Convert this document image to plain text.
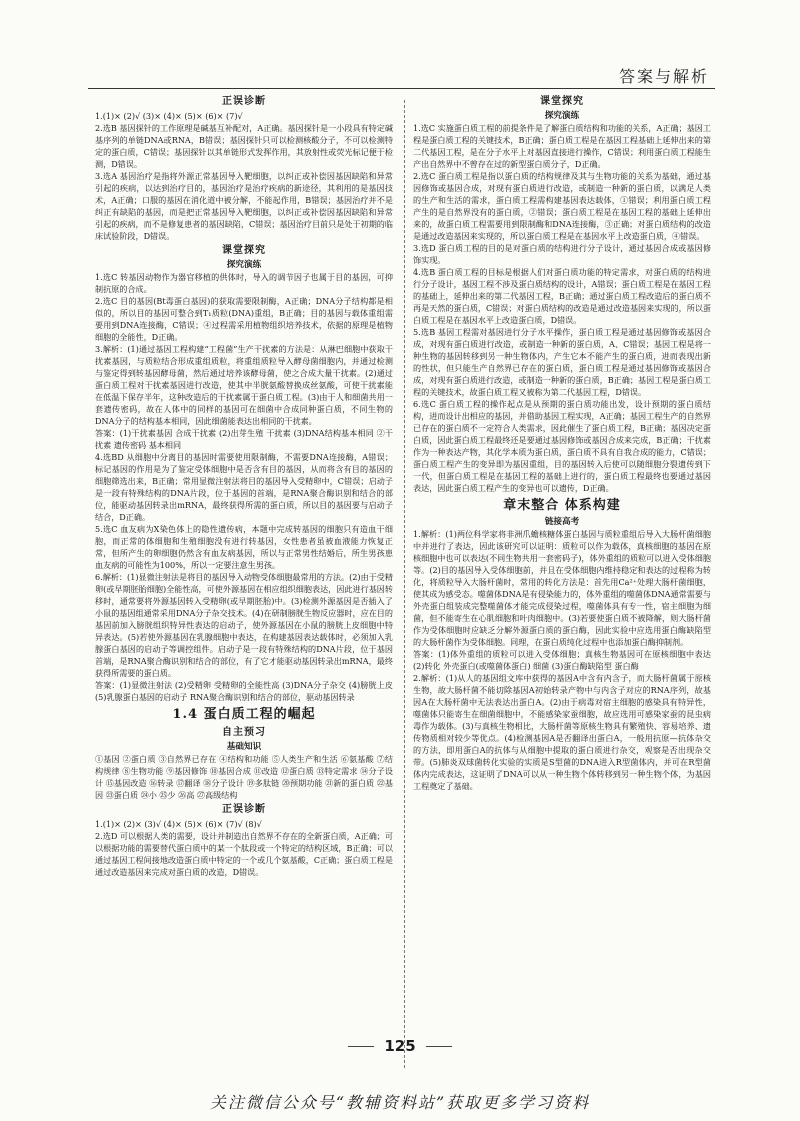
答案与解析
正误诊断

1.(1)× (2)√ (3)× (4)× (5)× (6)× (7)√

2.选B 基因探针的工作原理是碱基互补配对，A正确。基因探针是一小段具有特定碱基序列的单链DNA或RNA，B错误；基因探针只可以检测核酸分子，不可以检测特定的蛋白质，C错误；基因探针以其单链形式发挥作用，其放射性或荧光标记便于检测，D错误。

3.选A 基因治疗是指将外源正常基因导入靶细胞，以纠正或补偿因基因缺陷和异常引起的疾病，以达到治疗目的，基因治疗是治疗疾病的新途径，其利用的是基因技术，A正确；口服的基因在消化道中被分解，不能起作用，B错误；基因治疗并不是纠正有缺陷的基因，而是把正常基因导入靶细胞，以纠正或补偿因基因缺陷和异常引起的疾病，而不是修复患者的基因缺陷，C错误；基因治疗目前只是处于初期的临床试验阶段，D错误。

课堂探究
探究演练

1.选C 转基因动物作为器官移植的供体时，导入的调节因子也属于目的基因，可抑制抗原的合成。

2.选C 目的基因(Bt毒蛋白基因)的获取需要限制酶，A正确；DNA分子结构都是相似的，所以目的基因可整合到T₁质粒(DNA)重组，B正确；目的基因与载体重组需要用到DNA连接酶，C错误；④过程需采用植物组织培养技术，依据的原理是植物细胞的全能性，D正确。

3.解析：(1)通过基因工程构建“工程菌”生产干扰素的方法是：从淋巴细胞中获取干扰素基因，与质粒结合形成重组质粒，将重组质粒导入酵母菌细胞内，并通过检测与鉴定得到转基因酵母菌，然后通过培养该酵母菌，使之合成大量干扰素。(2)通过蛋白质工程对干扰素基因进行改造，使其中半胱氨酸替换成丝氨酸，可使干扰素能在低温下保存半年，这种改造后的干扰素属于蛋白质工程。(3)由于人和细菌共用一套遗传密码，故在人体中的同样的基因可在细菌中合成同种蛋白质，不同生物的DNA分子的结构基本相同，因此细菌能表达出相同的干扰素。

答案：(1)干扰素基因 合成干扰素 (2)出芽生殖 干扰素 (3)DNA结构基本相同 ②干扰素 遗传密码 基本相同

4.选BD 从细胞中分离目的基因时需要使用限制酶，不需要DNA连接酶，A错误；标记基因的作用是为了鉴定受体细胞中是否含有目的基因，从而将含有目的基因的细胞筛选出来，B正确；常用显微注射法将目的基因导入受精卵中，C错误；启动子是一段有特殊结构的DNA片段，位于基因的首端，是RNA聚合酶识别和结合的部位，能驱动基因转录出mRNA，最终获得所需的蛋白质，所以目的基因要与启动子结合，D正确。

5.选C 血友病为X染色体上的隐性遗传病，本题中完成转基因的细胞只有造血干细胞，而正常的体细胞和生殖细胞没有进行转基因，女性患者虽被血液能力恢复正常，但所产生的卵细胞仍然含有血友病基因，所以与正常男性结婚后，所生男孩患血友病的可能性为100%，所以一定要注意生男孩。

6.解析：(1)显微注射法是将目的基因导入动物受体细胞最常用的方法。(2)由于受精卵(或早期胚胎细胞)全能性高，可使外源基因在相应组织细胞表达，因此进行基因转移时，通常要将外源基因转入受精卵(或早期胚胎)中。(3)检测外源基因是否插入了小鼠的基因组通常采用DNA分子杂交技术。(4)在研制膀胱生物反应器时，应在目的基因前加入膀胱组织特异性表达的启动子，使外源基因在小鼠的膀胱上皮细胞中特异表达。(5)若使外源基因在乳腺细胞中表达，在构建基因表达载体时，必须加入乳腺蛋白基因的启动子等调控组件。启动子是一段有特殊结构的DNA片段，位于基因首端，是RNA聚合酶识别和结合的部位，有了它才能驱动基因转录出mRNA，最终获得所需要的蛋白质。

答案：(1)显微注射法 (2)受精卵 受精卵的全能性高 (3)DNA分子杂交 (4)膀胱上皮 (5)乳腺蛋白基因的启动子 RNA聚合酶识别和结合的部位，驱动基因转录

1.4 蛋白质工程的崛起
自主预习
基础知识

①基因 ②蛋白质 ③自然界已存在 ④结构和功能 ⑤人类生产和生活 ⑥氨基酸 ⑦结构规律 ⑧生物功能 ⑨基因修饰 ⑩基因合成 ⑪改造 ⑫蛋白质 ⑬特定需求 ⑭分子设计 ⑮基因改造 ⑯转录 ⑰翻译 ⑱分子设计 ⑲多肽链 ⑳预期功能 ㉑新的蛋白质 ㉒基因 ㉓蛋白质 ㉔小 ㉕少 ㉖高 ㉗高级结构

正误诊断

1.(1)× (2)× (3)√ (4)× (5)× (6)× (7)√ (8)√

2.选D 可以根据人类的需要，设计并制造出自然界不存在的全新蛋白质，A正确；可以根据功能的需要替代蛋白质中的某一个肽段或一个特定的结构区域，B正确；可以通过基因工程间接地改造蛋白质中特定的一个或几个氨基酸，C正确；蛋白质工程是通过改造基因来完成对蛋白质的改造，D错误。

课堂探究
探究演练

1.选C 实施蛋白质工程的前提条件是了解蛋白质结构和功能的关系，A正确；基因工程是蛋白质工程的关键技术，B正确；蛋白质工程是在基因工程基础上延伸出来的第二代基因工程，是在分子水平上对基因直接进行操作，C错误；利用蛋白质工程能生产出自然界中不曾存在过的新型蛋白质分子，D正确。

2.选C 蛋白质工程是指以蛋白质的结构规律及其与生物功能的关系为基础，通过基因修饰或基因合成，对现有蛋白质进行改造，或制造一种新的蛋白质，以满足人类的生产和生活的需求，蛋白质工程需构建基因表达载体，①错误；利用蛋白质工程产生的是自然界没有的蛋白质，②错误；蛋白质工程是在基因工程的基础上延伸出来的，故蛋白质工程需要用到限制酶和DNA连接酶，③正确；对蛋白质结构的改造是通过改造基因来实现的，所以蛋白质工程是在基因水平上改造蛋白质，④错误。

3.选D 蛋白质工程的目的是对蛋白质的结构进行分子设计，通过基因合成或基因修饰实现。

4.选B 蛋白质工程的目标是根据人们对蛋白质功能的特定需求，对蛋白质的结构进行分子设计，基因工程不涉及蛋白质结构的设计，A错误；蛋白质工程是在基因工程的基础上，延伸出来的第二代基因工程，B正确；通过蛋白质工程改造后的蛋白质不再是天然的蛋白质，C错误；对蛋白质结构的改造是通过改造基因来实现的，所以蛋白质工程是在基因水平上改造蛋白质，D错误。

5.选B 基因工程需对基因进行分子水平操作，蛋白质工程是通过基因修饰或基因合成，对现有蛋白质进行改造，或制造一种新的蛋白质，A、C错误；基因工程是将一种生物的基因转移到另一种生物体内，产生它本不能产生的蛋白质，进而表现出新的性状，但只能生产自然界已存在的蛋白质，蛋白质工程是通过基因修饰或基因合成，对现有蛋白质进行改造，或制造一种新的蛋白质，B正确；基因工程是蛋白质工程的关键技术，故蛋白质工程又被称为第二代基因工程，D错误。

6.选C 蛋白质工程的操作起点是从预期的蛋白质功能出发，设计预期的蛋白质结构，进而设计出相应的基因，并借助基因工程实现，A正确；基因工程生产的自然界已存在的蛋白质不一定符合人类需求，因此催生了蛋白质工程，B正确；基因决定蛋白质，因此蛋白质工程最终还是要通过基因修饰或基因合成来完成，B正确；干扰素作为一种表达产物，其化学本质为蛋白质，蛋白质不具有自我合成的能力，C错误；蛋白质工程产生的变异即为基因重组，目的基因转入后使可以随细胞分裂遗传到下一代，但蛋白质工程是在基因工程的基础上进行的，蛋白质工程最终也要通过基因表达，因此蛋白质工程产生的变异也可以遗传，D正确。

章末整合 体系构建
链接高考

1.解析：(1)两位科学家将非洲爪蟾核糖体蛋白基因与质粒重组后导入大肠杆菌细胞中并进行了表达，因此该研究可以证明：质粒可以作为载体，真核细胞的基因在原核细胞中也可以表达(不同生物共用一套密码子)，体外重组的质粒可以进入受体细胞等。(2)目的基因导入受体细胞前，并且在受体细胞内维持稳定和表达的过程称为转化，将质粒导入大肠杆菌时，常用的转化方法是：首先用Ca²⁺处理大肠杆菌细胞，使其成为感受态。噬菌体DNA是有侵染能力的，体外重组的噬菌体DNA通常需要与外壳蛋白组装成完整噬菌体才能完成侵染过程，噬菌体具有专一性，宿主细胞为细菌，但不能寄生在心肌细胞和叶肉细胞中。(3)若要使蛋白质不被降解，则大肠杆菌作为受体细胞时应缺乏分解外源蛋白质的蛋白酶，因此实验中应选用蛋白酶缺陷型的大肠杆菌作为受体细胞。同理，在蛋白质纯化过程中也添加蛋白酶抑制剂。

答案：(1)体外重组的质粒可以进入受体细胞；真核生物基因可在原核细胞中表达 (2)转化 外壳蛋白(或噬菌体蛋白) 细菌 (3)蛋白酶缺陷型 蛋白酶

2.解析：(1)从人的基因组文库中获得的基因A中含有内含子，而大肠杆菌属于原核生物，故大肠杆菌不能切除基因A初始转录产物中与内含子对应的RNA序列，故基因A在大肠杆菌中无法表达出蛋白A。(2)由于病毒对宿主细胞的感染具有特异性，噬菌体只能寄生在细菌细胞中，不能感染家蚕细胞，故应选用可感染家蚕的昆虫病毒作为载体。(3)与真核生物相比，大肠杆菌等原核生物具有繁殖快、容易培养、遗传物质相对较少等优点。(4)检测基因A是否翻译出蛋白A，一般用抗原—抗体杂交的方法，即用蛋白A的抗体与从细胞中提取的蛋白质进行杂交，观察是否出现杂交带。(5)肺炎双球菌转化实验的实质是S型菌的DNA进入R型菌体内，并可在R型菌体内完成表达，这证明了DNA可以从一种生物个体转移到另一种生物个体，为基因工程奠定了基础。

125
关注微信公众号“教辅资料站”获取更多学习资料
